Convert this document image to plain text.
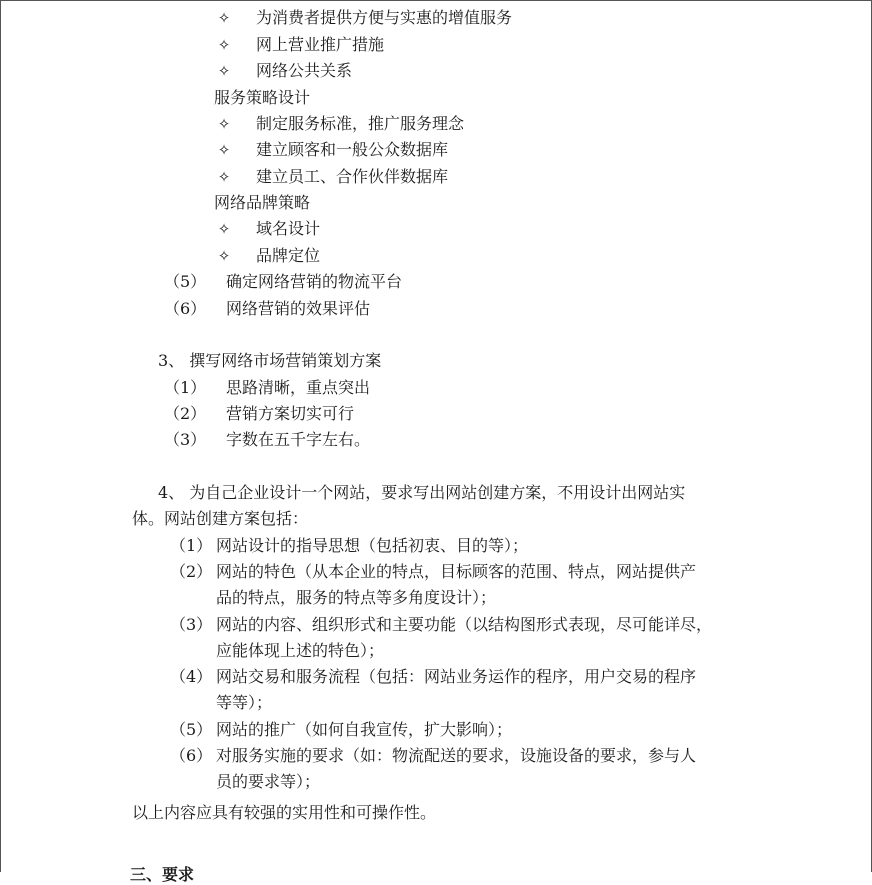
✧ 为消费者提供方便与实惠的增值服务
✧ 网上营业推广措施
✧ 网络公共关系
服务策略设计
✧ 制定服务标准，推广服务理念
✧ 建立顾客和一般公众数据库
✧ 建立员工、合作伙伴数据库
网络品牌策略
✧ 域名设计
✧ 品牌定位
（5） 确定网络营销的物流平台
（6） 网络营销的效果评估
3、 撰写网络市场营销策划方案
（1） 思路清晰，重点突出
（2） 营销方案切实可行
（3） 字数在五千字左右。
4、 为自己企业设计一个网站，要求写出网站创建方案，不用设计出网站实
体。网站创建方案包括：
（1） 网站设计的指导思想（包括初衷、目的等）；
（2） 网站的特色（从本企业的特点，目标顾客的范围、特点，网站提供产
品的特点，服务的特点等多角度设计）；
（3） 网站的内容、组织形式和主要功能（以结构图形式表现，尽可能详尽，
应能体现上述的特色）；
（4） 网站交易和服务流程（包括：网站业务运作的程序，用户交易的程序
等等）；
（5） 网站的推广（如何自我宣传，扩大影响）；
（6） 对服务实施的要求（如：物流配送的要求，设施设备的要求，参与人
员的要求等）；
以上内容应具有较强的实用性和可操作性。
三、要求
